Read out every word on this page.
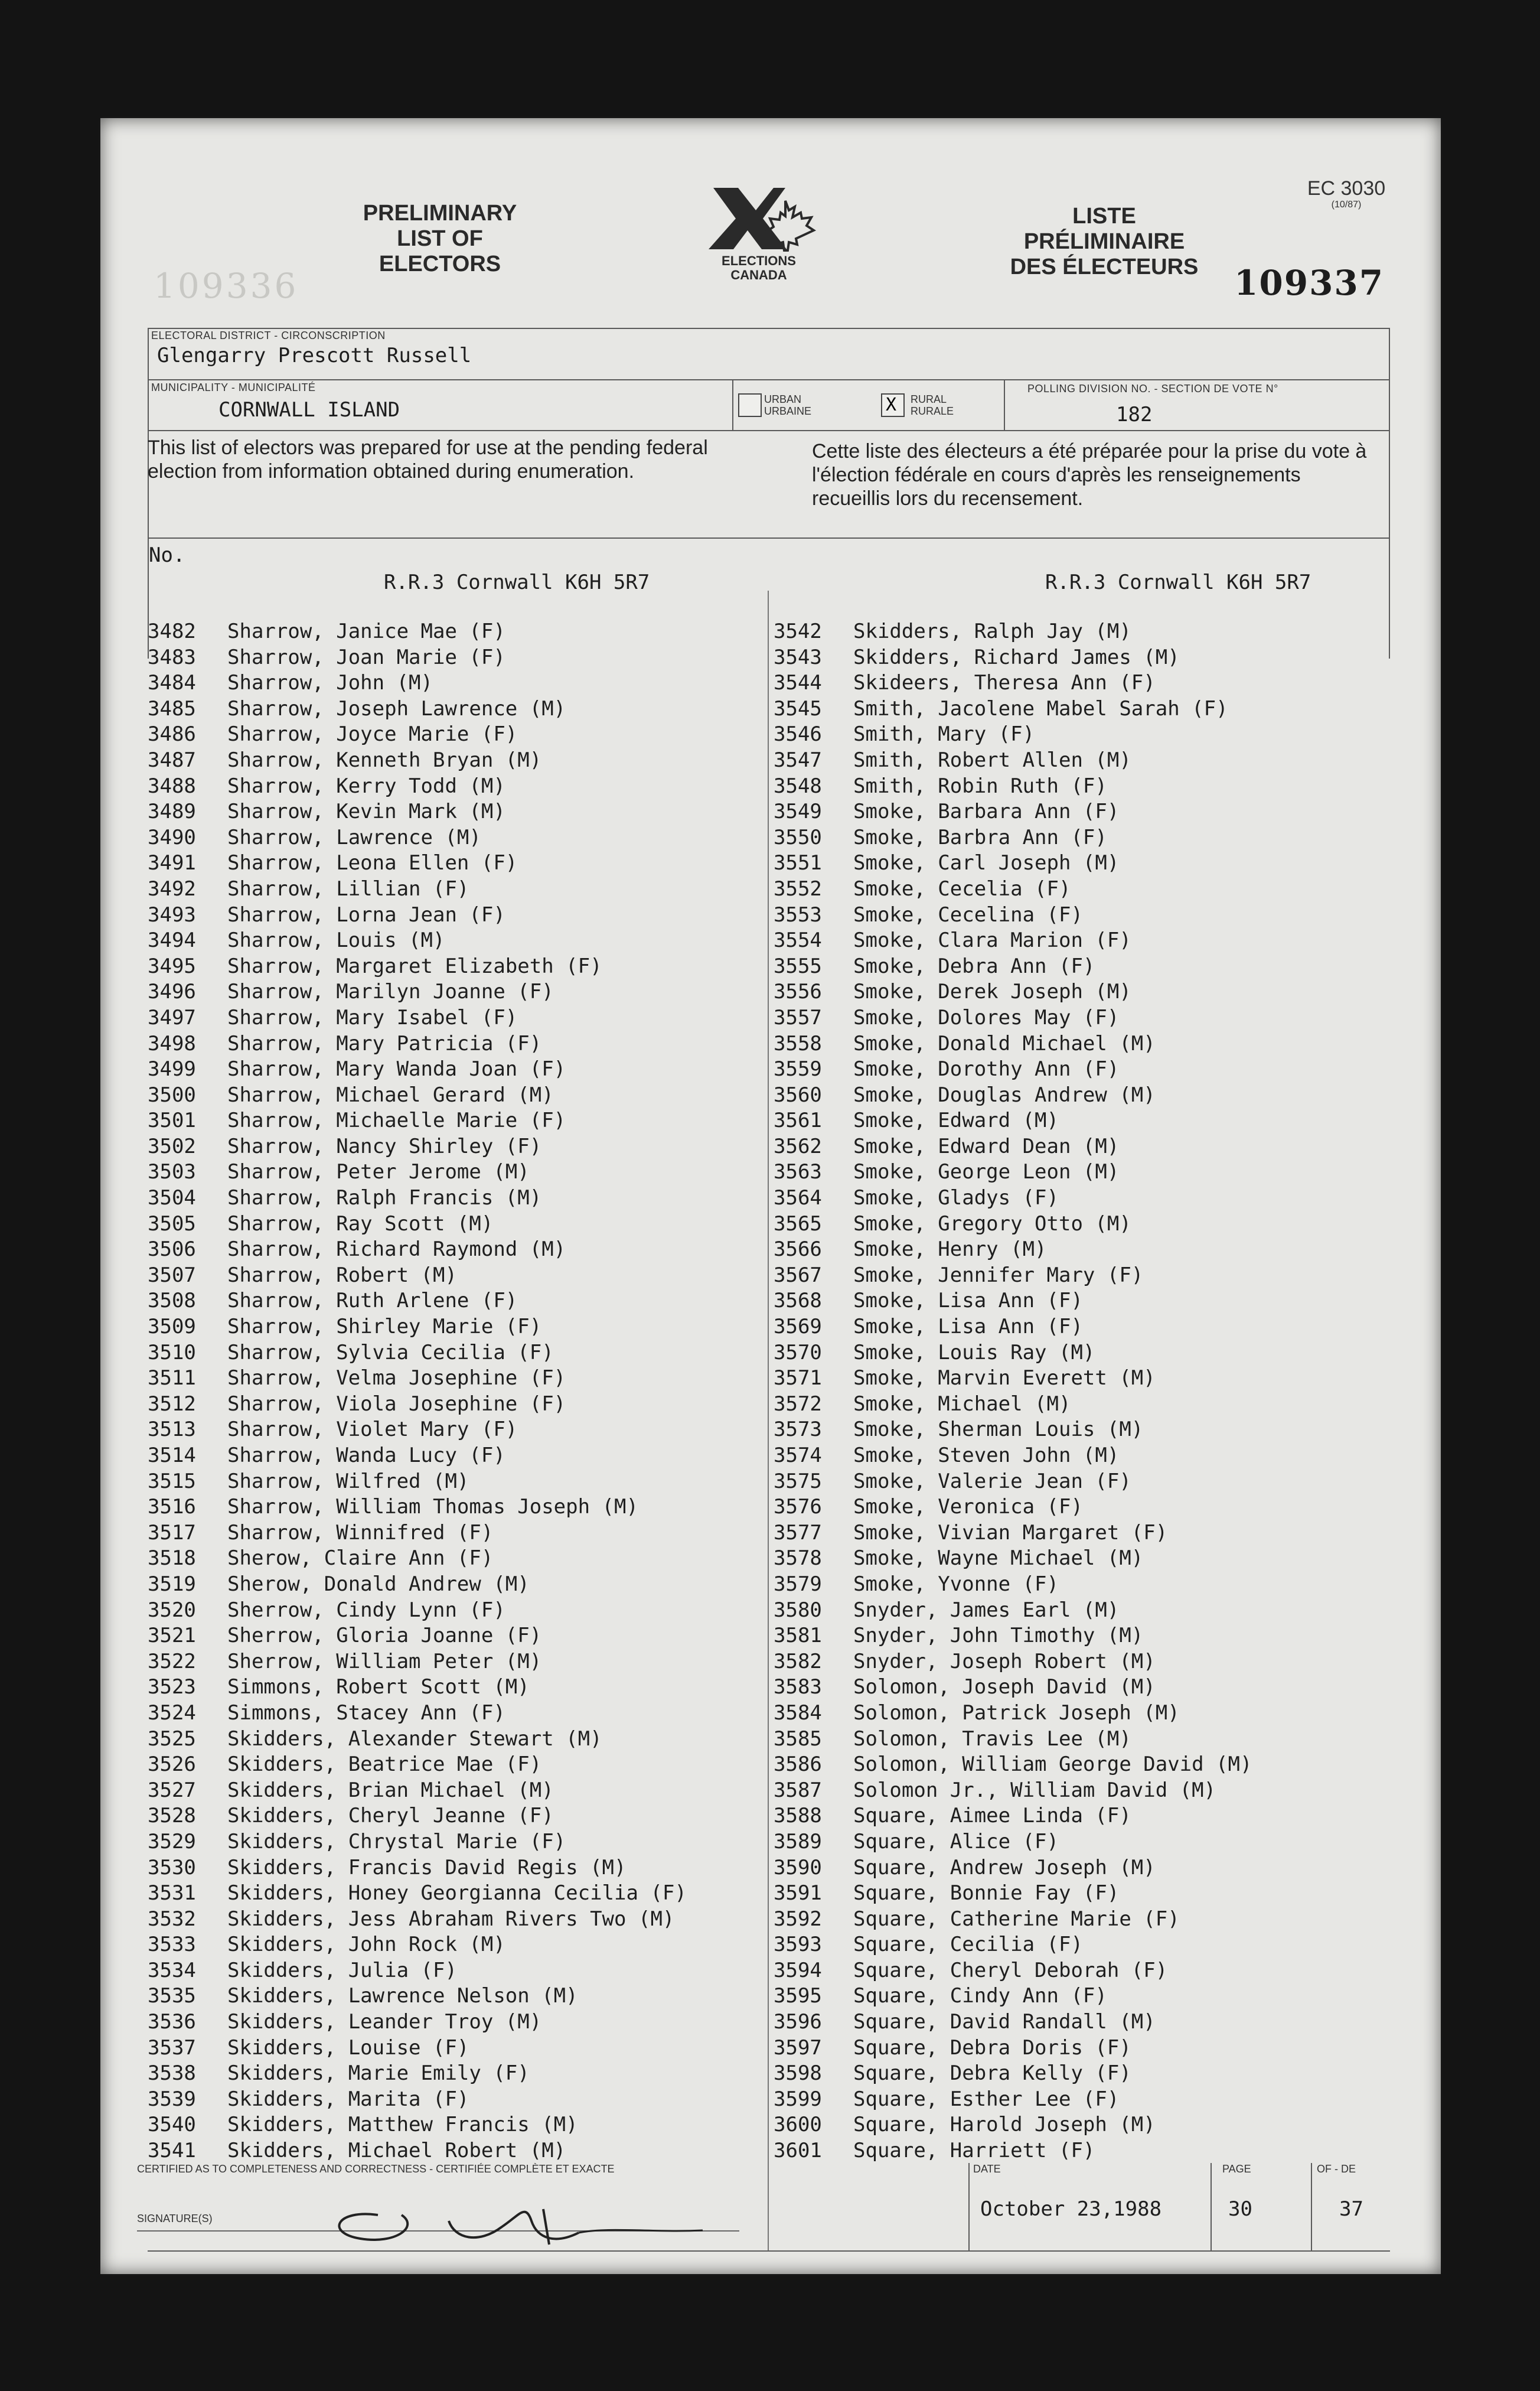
109336
PRELIMINARY
LIST OF
ELECTORS	ELECTIONS
CANADA
LISTE
PRÉLIMINAIRE
DES ÉLECTEURS
EC 3030
(10/87)
109337
ELECTORAL DISTRICT - CIRCONSCRIPTION
Glengarry Prescott Russell
MUNICIPALITY - MUNICIPALITÉ
CORNWALL ISLAND	URBAN
URBAINE	X RURAL
RURALE
POLLING DIVISION NO. - SECTION DE VOTE N°
182
This list of electors was prepared for use at the pending federal election from information obtained during enumeration.
Cette liste des électeurs a été préparée pour la prise du vote à l'élection fédérale en cours d'après les renseignements recueillis lors du recensement.
No.
R.R.3 Cornwall K6H 5R7	R.R.3 Cornwall K6H 5R7
3482 Sharrow, Janice Mae (F)
3483 Sharrow, Joan Marie (F)
3484 Sharrow, John (M)
3485 Sharrow, Joseph Lawrence (M)
3486 Sharrow, Joyce Marie (F)
3487 Sharrow, Kenneth Bryan (M)
3488 Sharrow, Kerry Todd (M)
3489 Sharrow, Kevin Mark (M)
3490 Sharrow, Lawrence (M)
3491 Sharrow, Leona Ellen (F)
3492 Sharrow, Lillian (F)
3493 Sharrow, Lorna Jean (F)
3494 Sharrow, Louis (M)
3495 Sharrow, Margaret Elizabeth (F)
3496 Sharrow, Marilyn Joanne (F)
3497 Sharrow, Mary Isabel (F)
3498 Sharrow, Mary Patricia (F)
3499 Sharrow, Mary Wanda Joan (F)
3500 Sharrow, Michael Gerard (M)
3501 Sharrow, Michaelle Marie (F)
3502 Sharrow, Nancy Shirley (F)
3503 Sharrow, Peter Jerome (M)
3504 Sharrow, Ralph Francis (M)
3505 Sharrow, Ray Scott (M)
3506 Sharrow, Richard Raymond (M)
3507 Sharrow, Robert (M)
3508 Sharrow, Ruth Arlene (F)
3509 Sharrow, Shirley Marie (F)
3510 Sharrow, Sylvia Cecilia (F)
3511 Sharrow, Velma Josephine (F)
3512 Sharrow, Viola Josephine (F)
3513 Sharrow, Violet Mary (F)
3514 Sharrow, Wanda Lucy (F)
3515 Sharrow, Wilfred (M)
3516 Sharrow, William Thomas Joseph (M)
3517 Sharrow, Winnifred (F)
3518 Sherow, Claire Ann (F)
3519 Sherow, Donald Andrew (M)
3520 Sherrow, Cindy Lynn (F)
3521 Sherrow, Gloria Joanne (F)
3522 Sherrow, William Peter (M)
3523 Simmons, Robert Scott (M)
3524 Simmons, Stacey Ann (F)
3525 Skidders, Alexander Stewart (M)
3526 Skidders, Beatrice Mae (F)
3527 Skidders, Brian Michael (M)
3528 Skidders, Cheryl Jeanne (F)
3529 Skidders, Chrystal Marie (F)
3530 Skidders, Francis David Regis (M)
3531 Skidders, Honey Georgianna Cecilia (F)
3532 Skidders, Jess Abraham Rivers Two (M)
3533 Skidders, John Rock (M)
3534 Skidders, Julia (F)
3535 Skidders, Lawrence Nelson (M)
3536 Skidders, Leander Troy (M)
3537 Skidders, Louise (F)
3538 Skidders, Marie Emily (F)
3539 Skidders, Marita (F)
3540 Skidders, Matthew Francis (M)
3541 Skidders, Michael Robert (M)
3542 Skidders, Ralph Jay (M)
3543 Skidders, Richard James (M)
3544 Skideers, Theresa Ann (F)
3545 Smith, Jacolene Mabel Sarah (F)
3546 Smith, Mary (F)
3547 Smith, Robert Allen (M)
3548 Smith, Robin Ruth (F)
3549 Smoke, Barbara Ann (F)
3550 Smoke, Barbra Ann (F)
3551 Smoke, Carl Joseph (M)
3552 Smoke, Cecelia (F)
3553 Smoke, Cecelina (F)
3554 Smoke, Clara Marion (F)
3555 Smoke, Debra Ann (F)
3556 Smoke, Derek Joseph (M)
3557 Smoke, Dolores May (F)
3558 Smoke, Donald Michael (M)
3559 Smoke, Dorothy Ann (F)
3560 Smoke, Douglas Andrew (M)
3561 Smoke, Edward (M)
3562 Smoke, Edward Dean (M)
3563 Smoke, George Leon (M)
3564 Smoke, Gladys (F)
3565 Smoke, Gregory Otto (M)
3566 Smoke, Henry (M)
3567 Smoke, Jennifer Mary (F)
3568 Smoke, Lisa Ann (F)
3569 Smoke, Lisa Ann (F)
3570 Smoke, Louis Ray (M)
3571 Smoke, Marvin Everett (M)
3572 Smoke, Michael (M)
3573 Smoke, Sherman Louis (M)
3574 Smoke, Steven John (M)
3575 Smoke, Valerie Jean (F)
3576 Smoke, Veronica (F)
3577 Smoke, Vivian Margaret (F)
3578 Smoke, Wayne Michael (M)
3579 Smoke, Yvonne (F)
3580 Snyder, James Earl (M)
3581 Snyder, John Timothy (M)
3582 Snyder, Joseph Robert (M)
3583 Solomon, Joseph David (M)
3584 Solomon, Patrick Joseph (M)
3585 Solomon, Travis Lee (M)
3586 Solomon, William George David (M)
3587 Solomon Jr., William David (M)
3588 Square, Aimee Linda (F)
3589 Square, Alice (F)
3590 Square, Andrew Joseph (M)
3591 Square, Bonnie Fay (F)
3592 Square, Catherine Marie (F)
3593 Square, Cecilia (F)
3594 Square, Cheryl Deborah (F)
3595 Square, Cindy Ann (F)
3596 Square, David Randall (M)
3597 Square, Debra Doris (F)
3598 Square, Debra Kelly (F)
3599 Square, Esther Lee (F)
3600 Square, Harold Joseph (M)
3601 Square, Harriett (F)
CERTIFIED AS TO COMPLETENESS AND CORRECTNESS - CERTIFIÉE COMPLÈTE ET EXACTE
SIGNATURE(S)
DATE
October 23,1988
PAGE
30
OF - DE
37
